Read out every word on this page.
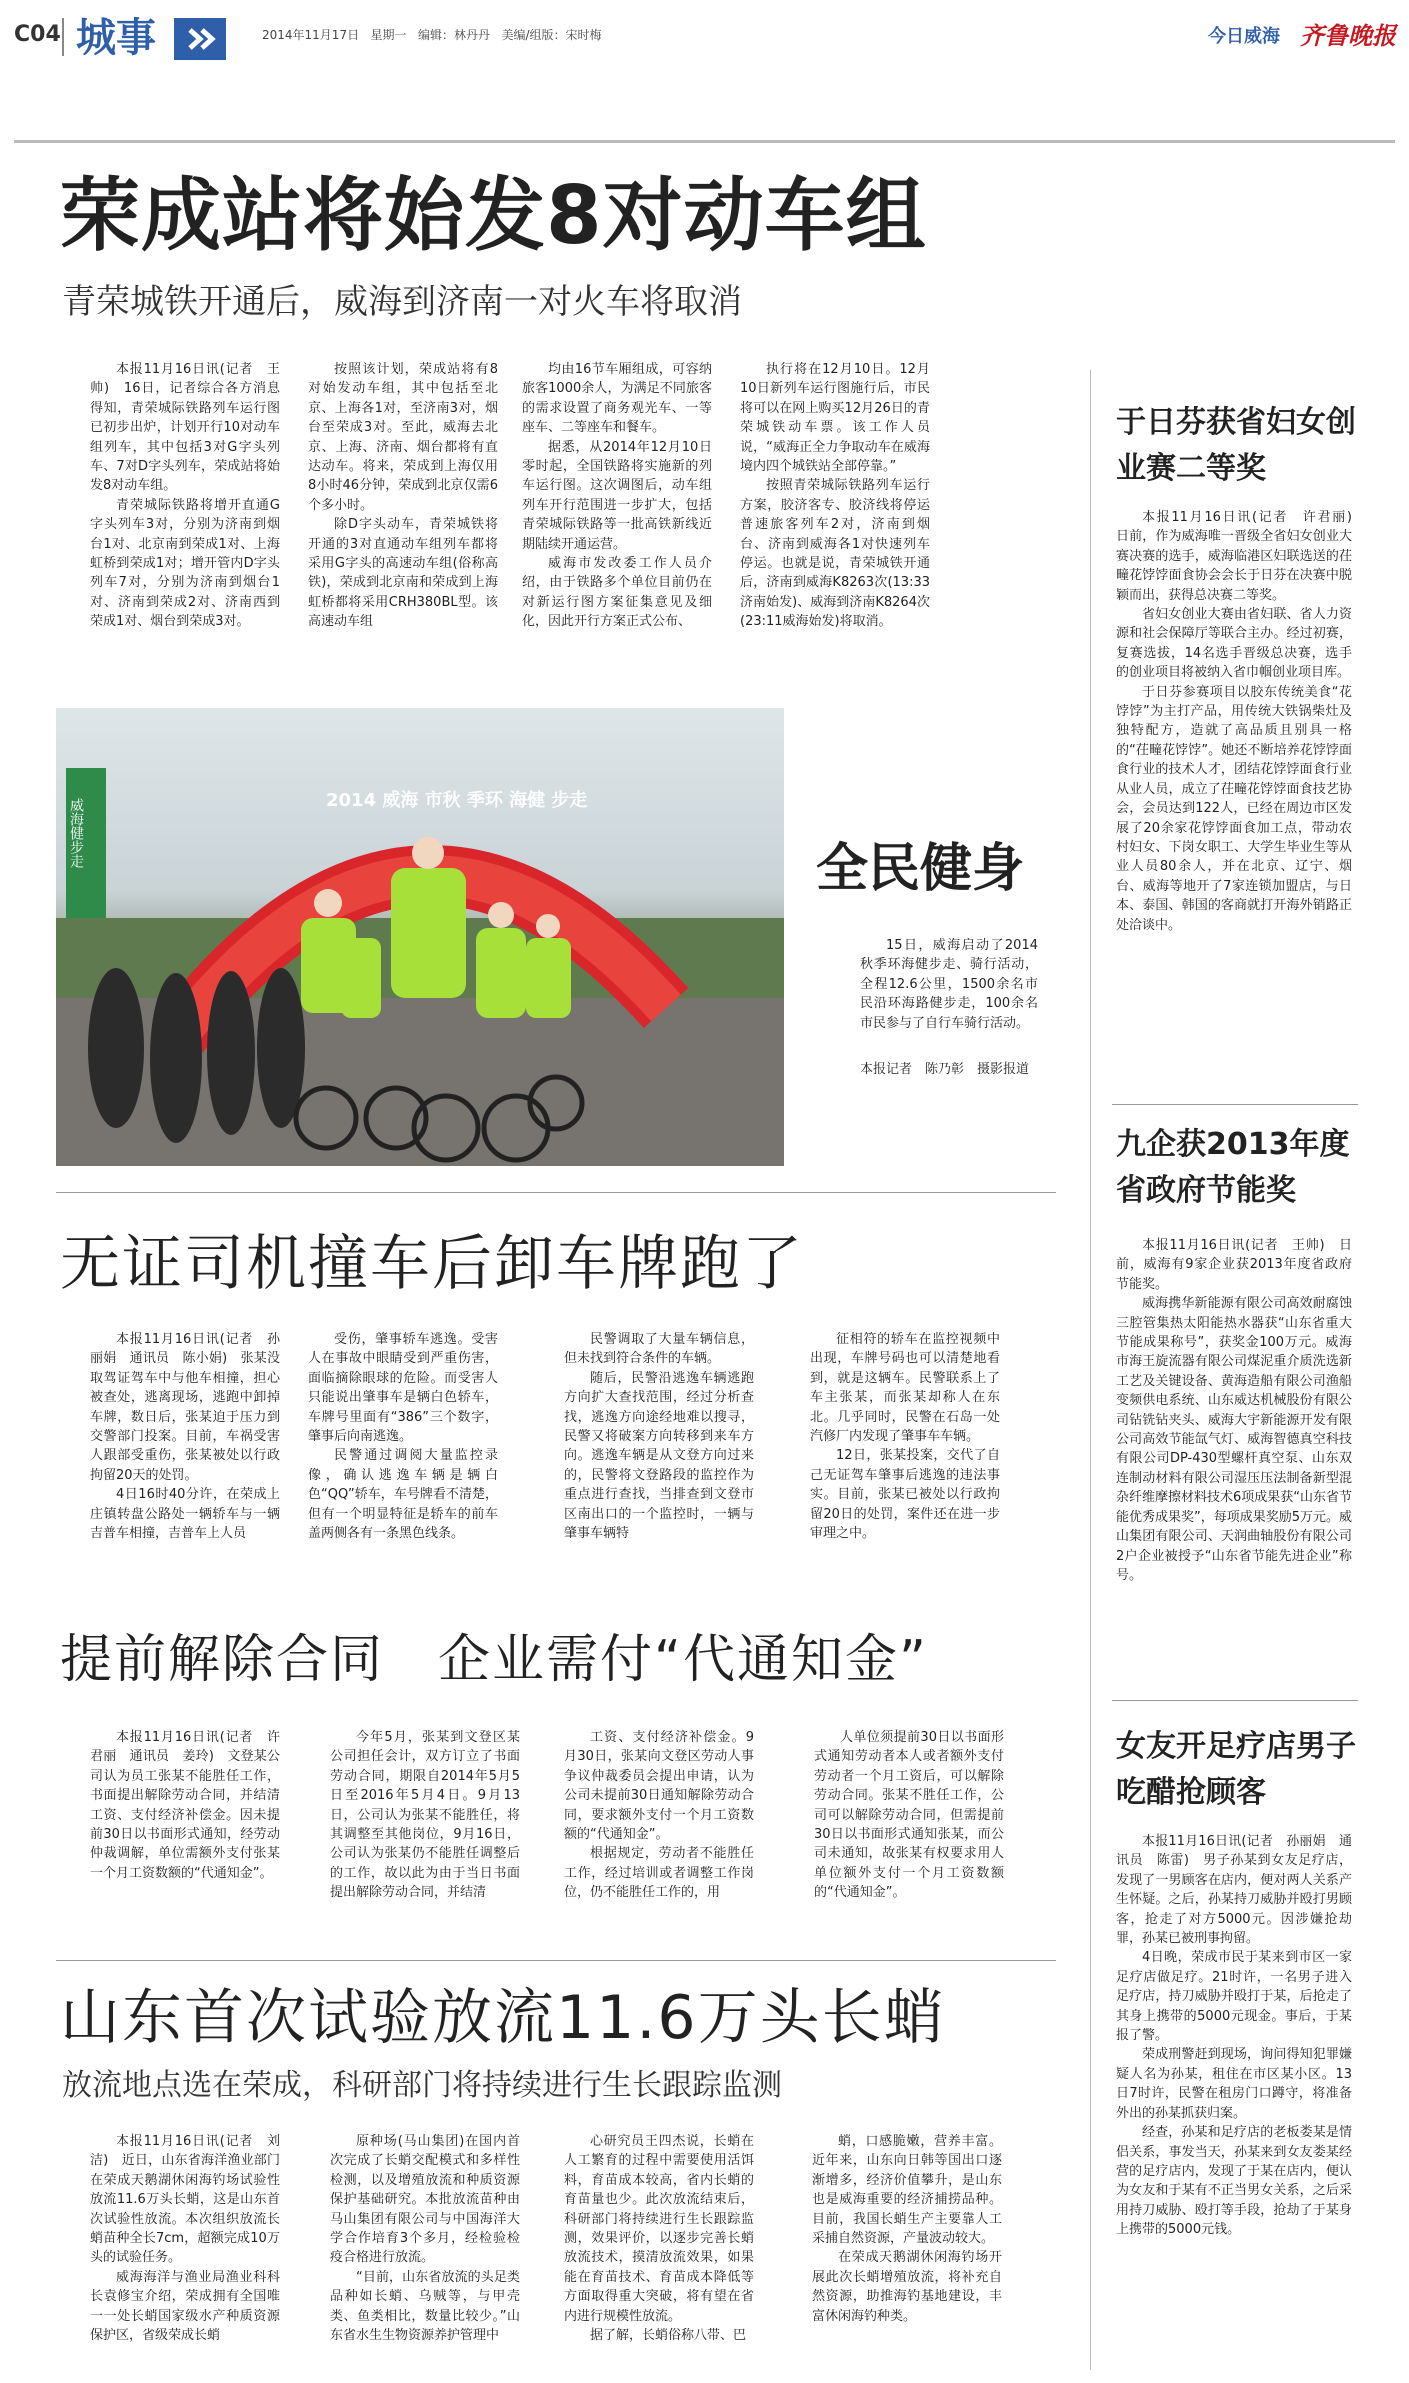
C04 城事	2014年11月17日 星期一 编辑：林丹丹 美编/组版：宋时梅	今日威海 齐鲁晚报
荣成站将始发8对动车组
青荣城铁开通后，威海到济南一对火车将取消

本报11月16日讯(记者　王帅)　16日，记者综合各方消息得知，青荣城际铁路列车运行图已初步出炉，计划开行10对动车组列车，其中包括3对G字头列车、7对D字头列车，荣成站将始发8对动车组。

青荣城际铁路将增开直通G字头列车3对，分别为济南到烟台1对、北京南到荣成1对、上海虹桥到荣成1对；增开管内D字头列车7对，分别为济南到烟台1对、济南到荣成2对、济南西到荣成1对、烟台到荣成3对。

按照该计划，荣成站将有8对始发动车组，其中包括至北京、上海各1对，至济南3对，烟台至荣成3对。至此，威海去北京、上海、济南、烟台都将有直达动车。将来，荣成到上海仅用8小时46分钟，荣成到北京仅需6个多小时。

除D字头动车，青荣城铁将开通的3对直通动车组列车都将采用G字头的高速动车组(俗称高铁)，荣成到北京南和荣成到上海虹桥都将采用CRH380BL型。该高速动车组

均由16节车厢组成，可容纳旅客1000余人，为满足不同旅客的需求设置了商务观光车、一等座车、二等座车和餐车。

据悉，从2014年12月10日零时起，全国铁路将实施新的列车运行图。这次调图后，动车组列车开行范围进一步扩大，包括青荣城际铁路等一批高铁新线近期陆续开通运营。

威海市发改委工作人员介绍，由于铁路多个单位目前仍在对新运行图方案征集意见及细化，因此开行方案正式公布、

执行将在12月10日。12月10日新列车运行图施行后，市民将可以在网上购买12月26日的青荣城铁动车票。该工作人员说，“威海正全力争取动车在威海境内四个城铁站全部停靠。”

按照青荣城际铁路列车运行方案，胶济客专、胶济线将停运普速旅客列车2对，济南到烟台、济南到威海各1对快速列车停运。也就是说，青荣城铁开通后，济南到威海K8263次(13:33济南始发)、威海到济南K8264次(23:11威海始发)将取消。

2014 威海 市秋 季环 海健 步走
威海健步走
全民健身
15日，威海启动了2014秋季环海健步走、骑行活动，全程12.6公里，1500余名市民沿环海路健步走，100余名市民参与了自行车骑行活动。
本报记者　陈乃彰　摄影报道
无证司机撞车后卸车牌跑了

本报11月16日讯(记者　孙丽娟　通讯员　陈小娟)　张某没取驾证驾车中与他车相撞，担心被查处，逃离现场，逃跑中卸掉车牌，数日后，张某迫于压力到交警部门投案。目前，车祸受害人跟部受重伤，张某被处以行政拘留20天的处罚。

4日16时40分许，在荣成上庄镇转盘公路处一辆轿车与一辆吉普车相撞，吉普车上人员

受伤，肇事轿车逃逸。受害人在事故中眼睛受到严重伤害，面临摘除眼球的危险。而受害人只能说出肇事车是辆白色轿车，车牌号里面有“386”三个数字，肇事后向南逃逸。

民警通过调阅大量监控录像，确认逃逸车辆是辆白色“QQ”轿车，车号牌看不清楚，但有一个明显特征是轿车的前车盖两侧各有一条黑色线条。

民警调取了大量车辆信息，但未找到符合条件的车辆。

随后，民警沿逃逸车辆逃跑方向扩大查找范围，经过分析查找，逃逸方向途经地难以搜寻，民警又将破案方向转移到来车方向。逃逸车辆是从文登方向过来的，民警将文登路段的监控作为重点进行查找，当排查到文登市区南出口的一个监控时，一辆与肇事车辆特

征相符的轿车在监控视频中出现，车牌号码也可以清楚地看到，就是这辆车。民警联系上了车主张某，而张某却称人在东北。几乎同时，民警在石岛一处汽修厂内发现了肇事车车辆。

12日，张某投案，交代了自己无证驾车肇事后逃逸的违法事实。目前，张某已被处以行政拘留20日的处罚，案件还在进一步审理之中。

提前解除合同　企业需付“代通知金”

本报11月16日讯(记者　许君丽　通讯员　姜玲)　文登某公司认为员工张某不能胜任工作，书面提出解除劳动合同，并结清工资、支付经济补偿金。因未提前30日以书面形式通知，经劳动仲裁调解，单位需额外支付张某一个月工资数额的“代通知金”。

今年5月，张某到文登区某公司担任会计，双方订立了书面劳动合同，期限自2014年5月5日至2016年5月4日。9月13日，公司认为张某不能胜任，将其调整至其他岗位，9月16日，公司认为张某仍不能胜任调整后的工作，故以此为由于当日书面提出解除劳动合同，并结清

工资、支付经济补偿金。9月30日，张某向文登区劳动人事争议仲裁委员会提出申请，认为公司未提前30日通知解除劳动合同，要求额外支付一个月工资数额的“代通知金”。

根据规定，劳动者不能胜任工作，经过培训或者调整工作岗位，仍不能胜任工作的，用

人单位须提前30日以书面形式通知劳动者本人或者额外支付劳动者一个月工资后，可以解除劳动合同。张某不胜任工作，公司可以解除劳动合同，但需提前30日以书面形式通知张某，而公司未通知，故张某有权要求用人单位额外支付一个月工资数额的“代通知金”。

山东首次试验放流11.6万头长蛸
放流地点选在荣成，科研部门将持续进行生长跟踪监测

本报11月16日讯(记者　刘洁)　近日，山东省海洋渔业部门在荣成天鹅湖休闲海钓场试验性放流11.6万头长蛸，这是山东首次试验性放流。本次组织放流长蛸苗种全长7cm，超额完成10万头的试验任务。

威海海洋与渔业局渔业科科长袁修宝介绍，荣成拥有全国唯一一处长蛸国家级水产种质资源保护区，省级荣成长蛸

原种场(马山集团)在国内首次完成了长蛸交配模式和多样性检测，以及增殖放流和种质资源保护基础研究。本批放流苗种由马山集团有限公司与中国海洋大学合作培育3个多月，经检验检疫合格进行放流。

“目前，山东省放流的头足类品种如长蛸、乌贼等，与甲壳类、鱼类相比，数量比较少。”山东省水生生物资源养护管理中

心研究员王四杰说，长蛸在人工繁育的过程中需要使用活饵料，育苗成本较高，省内长蛸的育苗量也少。此次放流结束后，科研部门将持续进行生长跟踪监测，效果评价，以逐步完善长蛸放流技术，摸清放流效果，如果能在育苗技术、育苗成本降低等方面取得重大突破，将有望在省内进行规模性放流。

据了解，长蛸俗称八带、巴

蛸，口感脆嫩，营养丰富。近年来，山东向日韩等国出口逐渐增多，经济价值攀升，是山东也是威海重要的经济捕捞品种。目前，我国长蛸生产主要靠人工采捕自然资源，产量波动较大。

在荣成天鹅湖休闲海钓场开展此次长蛸增殖放流，将补充自然资源，助推海钓基地建设，丰富休闲海钓种类。

于日芬获省妇女创业赛二等奖

本报11月16日讯(记者　许君丽)　日前，作为威海唯一晋级全省妇女创业大赛决赛的选手，威海临港区妇联选送的茌疃花饽饽面食协会会长于日芬在决赛中脱颖而出，获得总决赛二等奖。

省妇女创业大赛由省妇联、省人力资源和社会保障厅等联合主办。经过初赛，复赛选拔，14名选手晋级总决赛，选手的创业项目将被纳入省巾帼创业项目库。

于日芬参赛项目以胶东传统美食“花饽饽”为主打产品，用传统大铁锅柴灶及独特配方，造就了高品质且别具一格的“茌疃花饽饽”。她还不断培养花饽饽面食行业的技术人才，团结花饽饽面食行业从业人员，成立了茌疃花饽饽面食技艺协会，会员达到122人，已经在周边市区发展了20余家花饽饽面食加工点，带动农村妇女、下岗女职工、大学生毕业生等从业人员80余人，并在北京、辽宁、烟台、威海等地开了7家连锁加盟店，与日本、泰国、韩国的客商就打开海外销路正处洽谈中。

九企获2013年度省政府节能奖

本报11月16日讯(记者　王帅)　日前，威海有9家企业获2013年度省政府节能奖。

威海携华新能源有限公司高效耐腐蚀三腔管集热太阳能热水器获“山东省重大节能成果称号”，获奖金100万元。威海市海王旋流器有限公司煤泥重介质洗选新工艺及关键设备、黄海造船有限公司渔船变频供电系统、山东威达机械股份有限公司钻铣钻夹头、威海大宇新能源开发有限公司高效节能氙气灯、威海智德真空科技有限公司DP-430型螺杆真空泵、山东双连制动材料有限公司湿压压法制备新型混杂纤维摩擦材料技术6项成果获“山东省节能优秀成果奖”，每项成果奖励5万元。威山集团有限公司、天润曲轴股份有限公司2户企业被授予“山东省节能先进企业”称号。

女友开足疗店男子吃醋抢顾客

本报11月16日讯(记者　孙丽娟　通讯员　陈雷)　男子孙某到女友足疗店，发现了一男顾客在店内，便对两人关系产生怀疑。之后，孙某持刀威胁并殴打男顾客，抢走了对方5000元。因涉嫌抢劫罪，孙某已被刑事拘留。

4日晚，荣成市民于某来到市区一家足疗店做足疗。21时许，一名男子进入足疗店，持刀威胁并殴打于某，后抢走了其身上携带的5000元现金。事后，于某报了警。

荣成刑警赶到现场，询问得知犯罪嫌疑人名为孙某，租住在市区某小区。13日7时许，民警在租房门口蹲守，将准备外出的孙某抓获归案。

经查，孙某和足疗店的老板娄某是情侣关系，事发当天，孙某来到女友娄某经营的足疗店内，发现了于某在店内，便认为女友和于某有不正当男女关系，之后采用持刀威胁、殴打等手段，抢劫了于某身上携带的5000元钱。
